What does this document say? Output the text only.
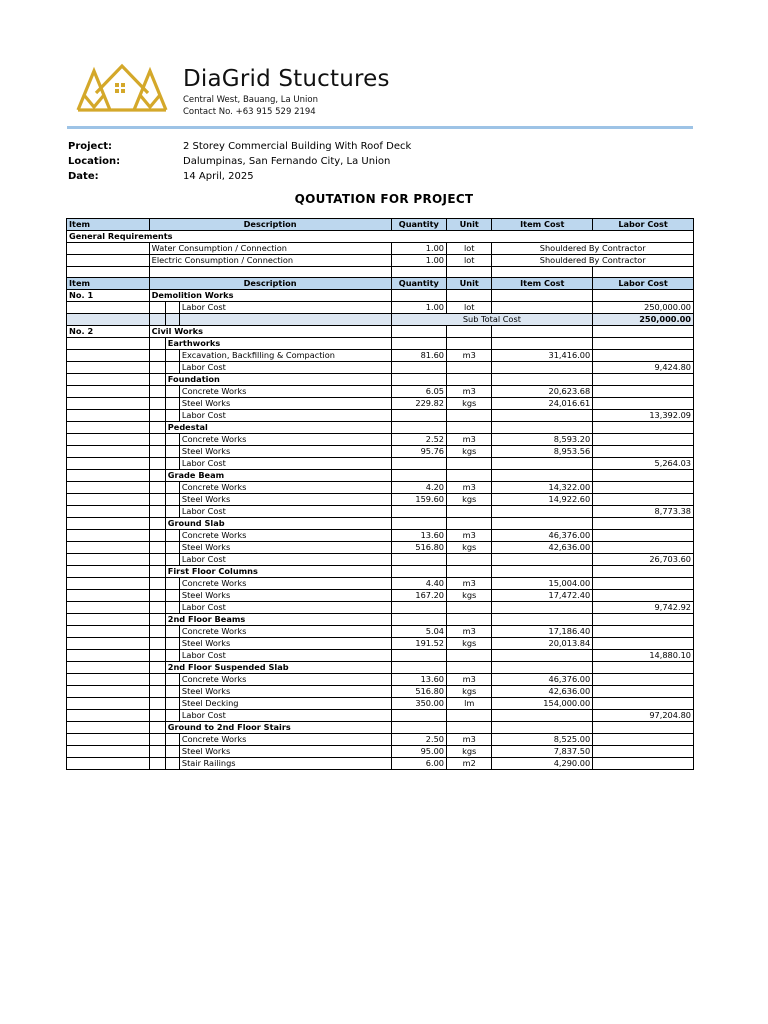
DiaGrid Stuctures
Central West, Bauang, La Union
Contact No. +63 915 529 2194
Project:	2 Storey Commercial Building With Roof Deck
Location:	Dalumpinas, San Fernando City, La Union
Date:	14 April, 2025
QOUTATION FOR PROJECT
Item	Description			Quantity	Unit	Item Cost	Labor Cost
General Requirements							
	Water Consumption / Connection			1.00	lot	Shouldered By Contractor	
	Electric Consumption / Connection			1.00	lot	Shouldered By Contractor	

Item	Description			Quantity	Unit	Item Cost	Labor Cost
No. 1	Demolition Works						
			Labor Cost	1.00	lot		250,000.00
				Sub Total Cost			250,000.00
No. 2	Civil Works						
		Earthworks					
			Excavation, Backfilling & Compaction	81.60	m3	31,416.00	
			Labor Cost				9,424.80
		Foundation					
			Concrete Works	6.05	m3	20,623.68	
			Steel Works	229.82	kgs	24,016.61	
			Labor Cost				13,392.09
		Pedestal					
			Concrete Works	2.52	m3	8,593.20	
			Steel Works	95.76	kgs	8,953.56	
			Labor Cost				5,264.03
		Grade Beam					
			Concrete Works	4.20	m3	14,322.00	
			Steel Works	159.60	kgs	14,922.60	
			Labor Cost				8,773.38
		Ground Slab					
			Concrete Works	13.60	m3	46,376.00	
			Steel Works	516.80	kgs	42,636.00	
			Labor Cost				26,703.60
		First Floor Columns					
			Concrete Works	4.40	m3	15,004.00	
			Steel Works	167.20	kgs	17,472.40	
			Labor Cost				9,742.92
		2nd Floor Beams					
			Concrete Works	5.04	m3	17,186.40	
			Steel Works	191.52	kgs	20,013.84	
			Labor Cost				14,880.10
		2nd Floor Suspended Slab					
			Concrete Works	13.60	m3	46,376.00	
			Steel Works	516.80	kgs	42,636.00	
			Steel Decking	350.00	lm	154,000.00	
			Labor Cost				97,204.80
		Ground to 2nd Floor Stairs					
			Concrete Works	2.50	m3	8,525.00	
			Steel Works	95.00	kgs	7,837.50	
			Stair Railings	6.00	m2	4,290.00	
